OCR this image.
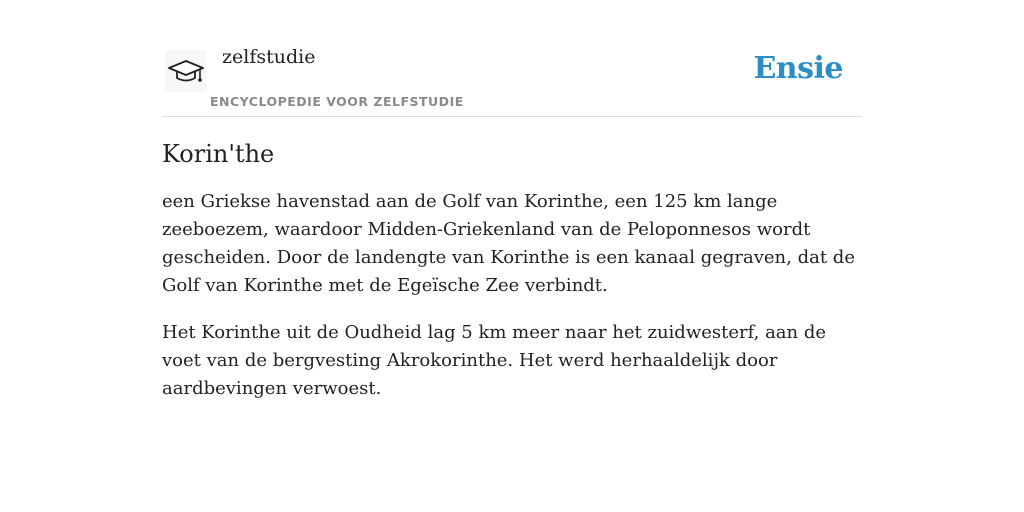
zelfstudie
ENCYCLOPEDIE VOOR ZELFSTUDIE
Ensie
Korin'the

een Griekse havenstad aan de Golf van Korinthe, een 125 km lange zeeboezem, waardoor Midden-Griekenland van de Peloponnesos wordt gescheiden. Door de landengte van Korinthe is een kanaal gegraven, dat de Golf van Korinthe met de Egeïsche Zee verbindt.

Het Korinthe uit de Oudheid lag 5 km meer naar het zuidwesterf, aan de voet van de bergvesting Akrokorinthe. Het werd herhaaldelijk door aardbevingen verwoest.
